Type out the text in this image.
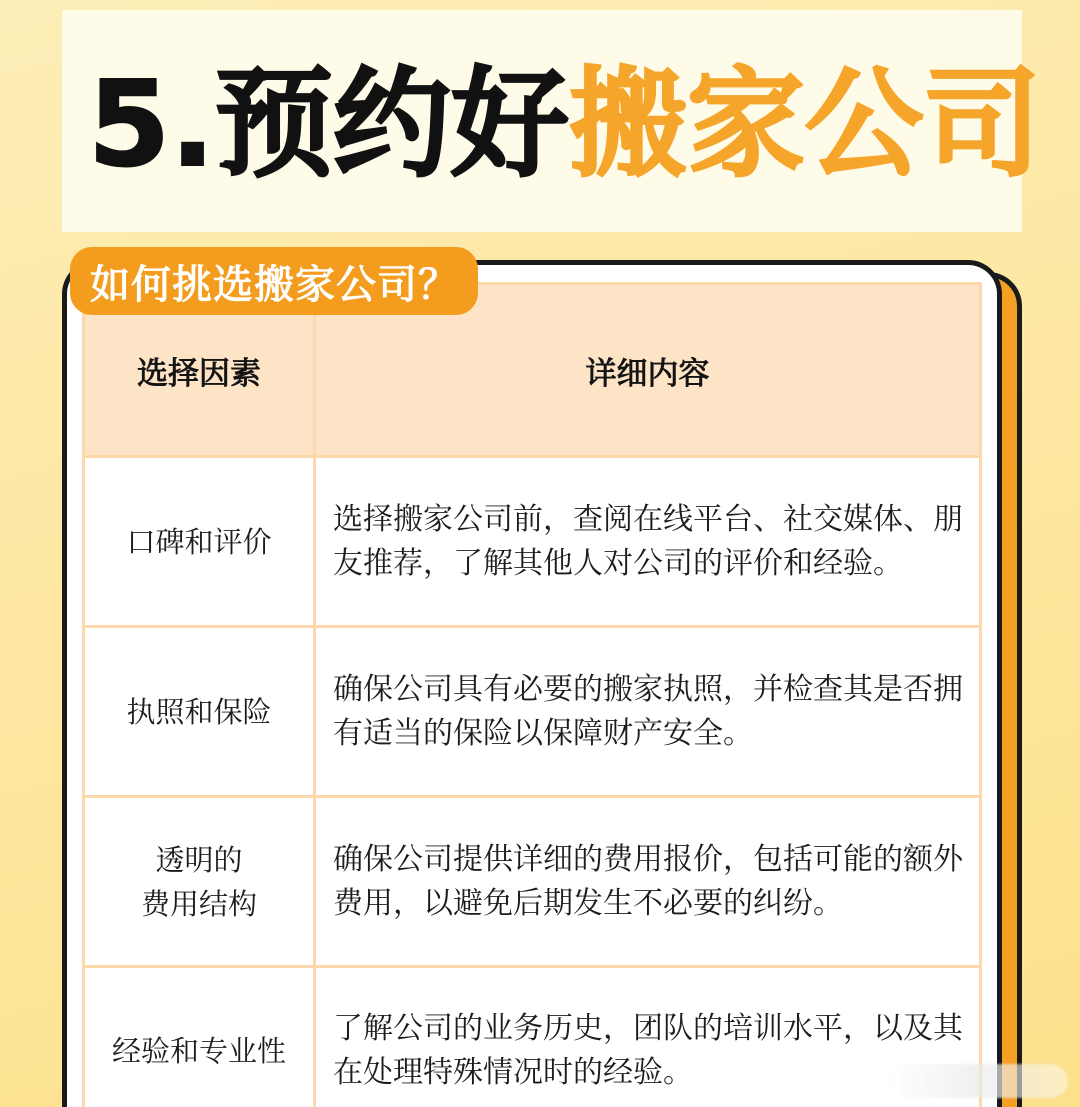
5.预约好搬家公司
选择因素	详细内容
口碑和评价
选择搬家公司前，查阅在线平台、社交媒体、朋友推荐，了解其他人对公司的评价和经验。
执照和保险
确保公司具有必要的搬家执照，并检查其是否拥有适当的保险以保障财产安全。
透明的
费用结构
确保公司提供详细的费用报价，包括可能的额外费用，以避免后期发生不必要的纠纷。
经验和专业性
了解公司的业务历史，团队的培训水平，以及其在处理特殊情况时的经验。
如何挑选搬家公司？
